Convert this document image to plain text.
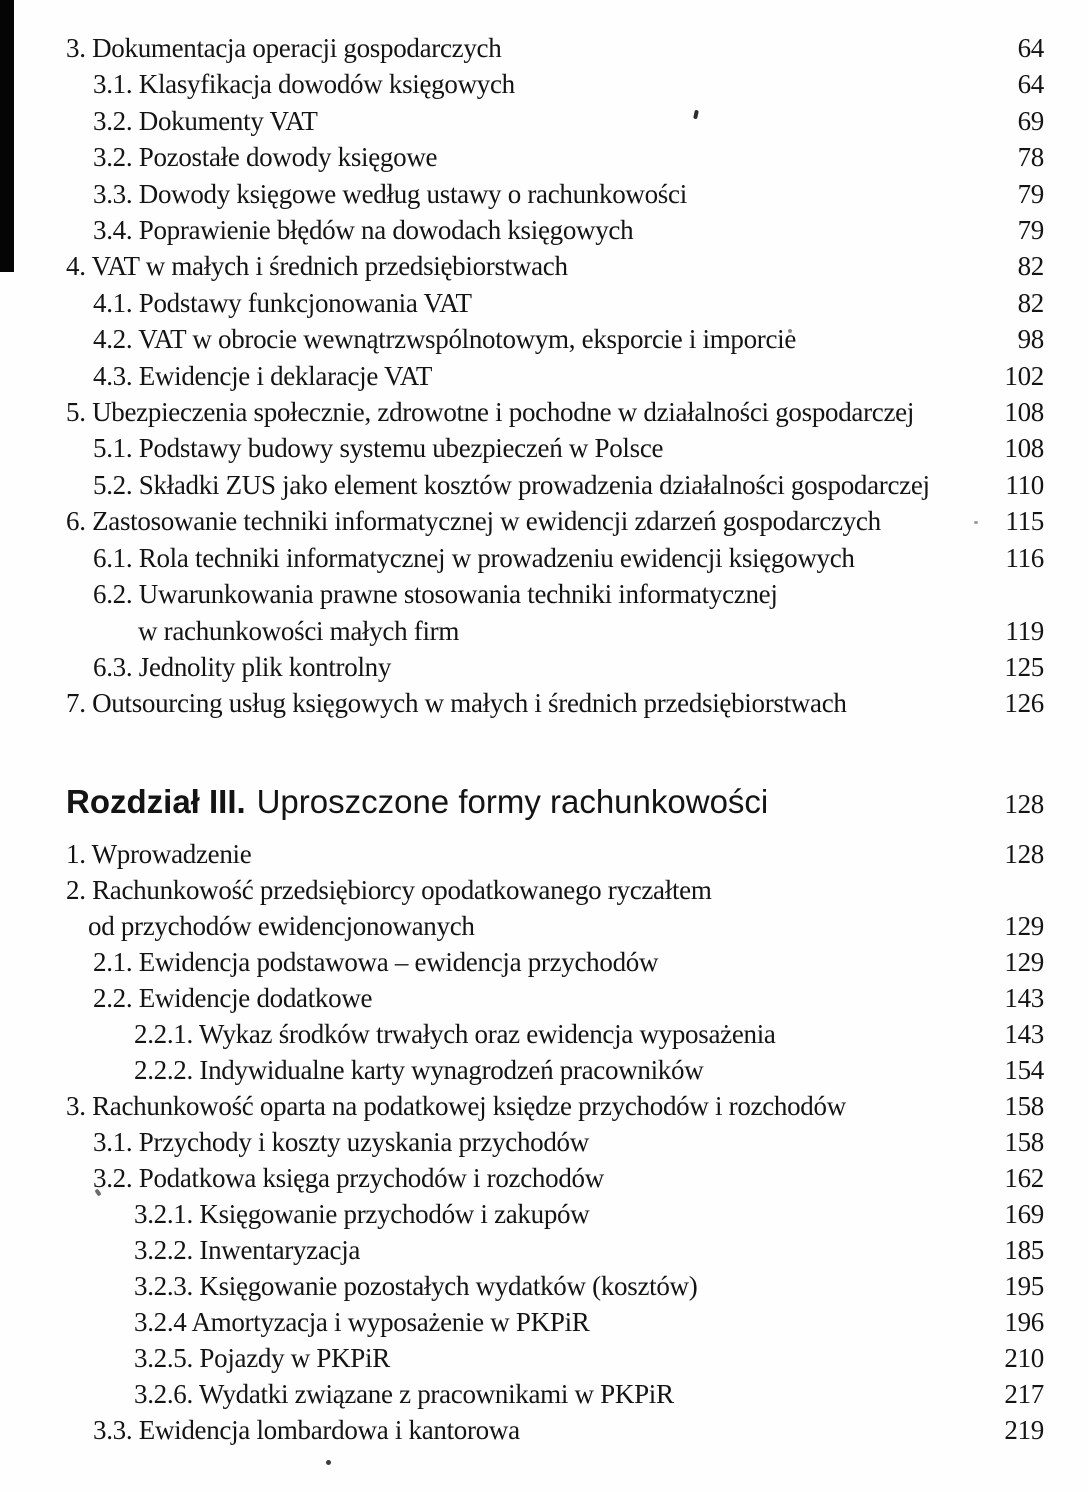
3. Dokumentacja operacji gospodarczych	64
3.1. Klasyfikacja dowodów księgowych	64
3.2. Dokumenty VAT	69
3.2. Pozostałe dowody księgowe	78
3.3. Dowody księgowe według ustawy o rachunkowości	79
3.4. Poprawienie błędów na dowodach księgowych	79
4. VAT w małych i średnich przedsiębiorstwach	82
4.1. Podstawy funkcjonowania VAT	82
4.2. VAT w obrocie wewnątrzwspólnotowym, eksporcie i imporcie	98
4.3. Ewidencje i deklaracje VAT	102
5. Ubezpieczenia społecznie, zdrowotne i pochodne w działalności gospodarczej	108
5.1. Podstawy budowy systemu ubezpieczeń w Polsce	108
5.2. Składki ZUS jako element kosztów prowadzenia działalności gospodarczej	110
6. Zastosowanie techniki informatycznej w ewidencji zdarzeń gospodarczych	115
6.1. Rola techniki informatycznej w prowadzeniu ewidencji księgowych	116
6.2. Uwarunkowania prawne stosowania techniki informatycznej
w rachunkowości małych firm	119
6.3. Jednolity plik kontrolny	125
7. Outsourcing usług księgowych w małych i średnich przedsiębiorstwach	126
Rozdział III. Uproszczone formy rachunkowości	128
1. Wprowadzenie	128
2. Rachunkowość przedsiębiorcy opodatkowanego ryczałtem
od przychodów ewidencjonowanych	129
2.1. Ewidencja podstawowa – ewidencja przychodów	129
2.2. Ewidencje dodatkowe	143
2.2.1. Wykaz środków trwałych oraz ewidencja wyposażenia	143
2.2.2. Indywidualne karty wynagrodzeń pracowników	154
3. Rachunkowość oparta na podatkowej księdze przychodów i rozchodów	158
3.1. Przychody i koszty uzyskania przychodów	158
3.2. Podatkowa księga przychodów i rozchodów	162
3.2.1. Księgowanie przychodów i zakupów	169
3.2.2. Inwentaryzacja	185
3.2.3. Księgowanie pozostałych wydatków (kosztów)	195
3.2.4 Amortyzacja i wyposażenie w PKPiR	196
3.2.5. Pojazdy w PKPiR	210
3.2.6. Wydatki związane z pracownikami w PKPiR	217
3.3. Ewidencja lombardowa i kantorowa	219
